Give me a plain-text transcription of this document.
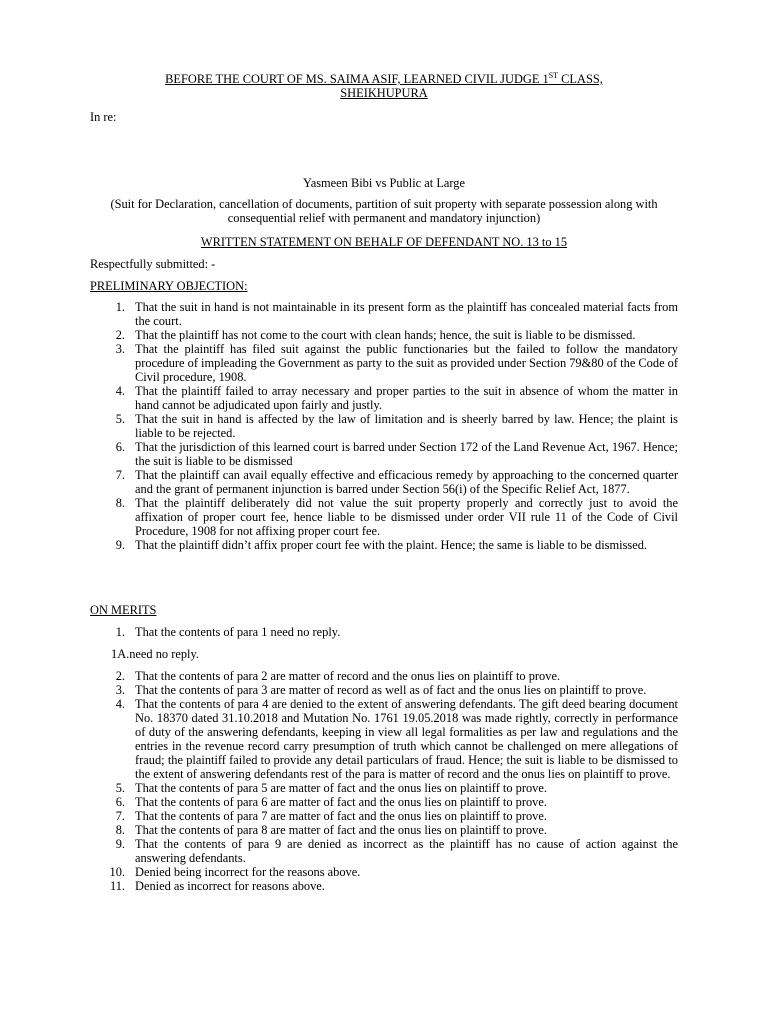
BEFORE THE COURT OF MS. SAIMA ASIF, LEARNED CIVIL JUDGE 1ST CLASS,
SHEIKHUPURA
In re:
Yasmeen Bibi vs Public at Large
(Suit for Declaration, cancellation of documents, partition of suit property with separate possession along with consequential relief with permanent and mandatory injunction)
WRITTEN STATEMENT ON BEHALF OF DEFENDANT NO. 13 to 15
Respectfully submitted: -
PRELIMINARY OBJECTION:
1. That the suit in hand is not maintainable in its present form as the plaintiff has concealed material facts from the court.
2. That the plaintiff has not come to the court with clean hands; hence, the suit is liable to be dismissed.
3. That the plaintiff has filed suit against the public functionaries but the failed to follow the mandatory procedure of impleading the Government as party to the suit as provided under Section 79&80 of the Code of Civil procedure, 1908.
4. That the plaintiff failed to array necessary and proper parties to the suit in absence of whom the matter in hand cannot be adjudicated upon fairly and justly.
5. That the suit in hand is affected by the law of limitation and is sheerly barred by law. Hence; the plaint is liable to be rejected.
6. That the jurisdiction of this learned court is barred under Section 172 of the Land Revenue Act, 1967. Hence; the suit is liable to be dismissed
7. That the plaintiff can avail equally effective and efficacious remedy by approaching to the concerned quarter and the grant of permanent injunction is barred under Section 56(i) of the Specific Relief Act, 1877.
8. That the plaintiff deliberately did not value the suit property properly and correctly just to avoid the affixation of proper court fee, hence liable to be dismissed under order VII rule 11 of the Code of Civil Procedure, 1908 for not affixing proper court fee.
9. That the plaintiff didn’t affix proper court fee with the plaint. Hence; the same is liable to be dismissed.
ON MERITS
1. That the contents of para 1 need no reply.
1A.need no reply.
2. That the contents of para 2 are matter of record and the onus lies on plaintiff to prove.
3. That the contents of para 3 are matter of record as well as of fact and the onus lies on plaintiff to prove.
4. That the contents of para 4 are denied to the extent of answering defendants. The gift deed bearing document No. 18370 dated 31.10.2018 and Mutation No. 1761 19.05.2018 was made rightly, correctly in performance of duty of the answering defendants, keeping in view all legal formalities as per law and regulations and the entries in the revenue record carry presumption of truth which cannot be challenged on mere allegations of fraud; the plaintiff failed to provide any detail particulars of fraud. Hence; the suit is liable to be dismissed to the extent of answering defendants rest of the para is matter of record and the onus lies on plaintiff to prove.
5. That the contents of para 5 are matter of fact and the onus lies on plaintiff to prove.
6. That the contents of para 6 are matter of fact and the onus lies on plaintiff to prove.
7. That the contents of para 7 are matter of fact and the onus lies on plaintiff to prove.
8. That the contents of para 8 are matter of fact and the onus lies on plaintiff to prove.
9. That the contents of para 9 are denied as incorrect as the plaintiff has no cause of action against the answering defendants.
10. Denied being incorrect for the reasons above.
11. Denied as incorrect for reasons above.
